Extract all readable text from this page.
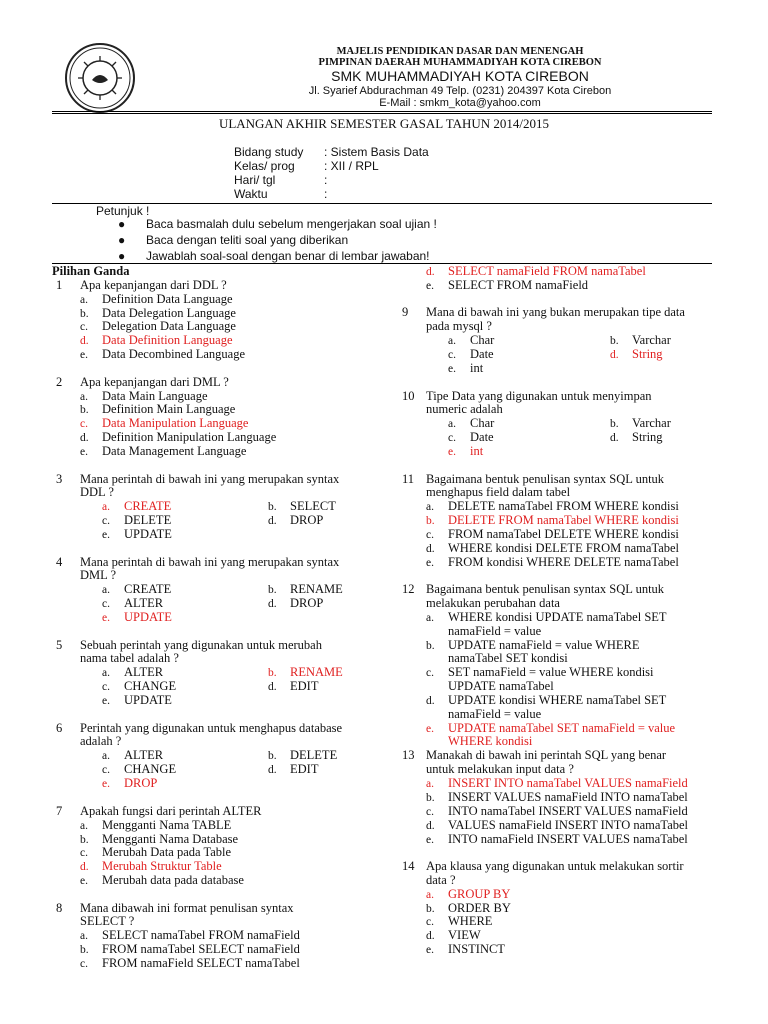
MAJELIS PENDIDIKAN DASAR DAN MENENGAH
PIMPINAN DAERAH MUHAMMADIYAH KOTA CIREBON
SMK MUHAMMADIYAH KOTA CIREBON
Jl. Syarief Abdurachman 49 Telp. (0231) 204397 Kota Cirebon
E-Mail : smkm_kota@yahoo.com
ULANGAN AKHIR SEMESTER GASAL TAHUN 2014/2015
Bidang study : Sistem Basis Data
Kelas/ prog : XII / RPL
Hari/ tgl	:
Waktu	:
Petunjuk !
● Baca basmalah dulu sebelum mengerjakan soal ujian !
● Baca dengan teliti soal yang diberikan
● Jawablah soal-soal dengan benar di lembar jawaban!
Pilihan Ganda
1 Apa kepanjangan dari DDL ?
a. Definition Data Language
b. Data Delegation Language
c. Delegation Data Language
d. Data Definition Language
e. Data Decombined Language
2 Apa kepanjangan dari DML ?
a. Data Main Language
b. Definition Main Language
c. Data Manipulation Language
d. Definition Manipulation Language
e. Data Management Language
3 Mana perintah di bawah ini yang merupakan syntax
DDL ?
a. CREATE	b. SELECT
c. DELETE	d. DROP
e. UPDATE
4 Mana perintah di bawah ini yang merupakan syntax
DML ?
a. CREATE	b. RENAME
c. ALTER	d. DROP
e. UPDATE
5 Sebuah perintah yang digunakan untuk merubah
nama tabel adalah ?
a. ALTER	b. RENAME
c. CHANGE	d. EDIT
e. UPDATE
6 Perintah yang digunakan untuk menghapus database
adalah ?
a. ALTER	b. DELETE
c. CHANGE	d. EDIT
e. DROP
7 Apakah fungsi dari perintah ALTER
a. Mengganti Nama TABLE
b. Mengganti Nama Database
c. Merubah Data pada Table
d. Merubah Struktur Table
e. Merubah data pada database
8 Mana dibawah ini format penulisan syntax
SELECT ?
a. SELECT namaTabel FROM namaField
b. FROM namaTabel SELECT namaField
c. FROM namaField SELECT namaTabel
d. SELECT namaField FROM namaTabel
e. SELECT FROM namaField
9 Mana di bawah ini yang bukan merupakan tipe data
pada mysql ?
a. Char	b. Varchar
c. Date	d. String
e. int
10 Tipe Data yang digunakan untuk menyimpan
numeric adalah
a. Char	b. Varchar
c. Date	d. String
e. int
11 Bagaimana bentuk penulisan syntax SQL untuk
menghapus field dalam tabel
a. DELETE namaTabel FROM WHERE kondisi
b. DELETE FROM namaTabel WHERE kondisi
c. FROM namaTabel DELETE WHERE kondisi
d. WHERE kondisi DELETE FROM namaTabel
e. FROM kondisi WHERE DELETE namaTabel
12 Bagaimana bentuk penulisan syntax SQL untuk
melakukan perubahan data
a. WHERE kondisi UPDATE namaTabel SET
namaField = value
b. UPDATE namaField = value WHERE
namaTabel SET kondisi
c. SET namaField = value WHERE kondisi
UPDATE namaTabel
d. UPDATE kondisi WHERE namaTabel SET
namaField = value
e. UPDATE namaTabel SET namaField = value
WHERE kondisi
13 Manakah di bawah ini perintah SQL yang benar
untuk melakukan input data ?
a. INSERT INTO namaTabel VALUES namaField
b. INSERT VALUES namaField INTO namaTabel
c. INTO namaTabel INSERT VALUES namaField
d. VALUES namaField INSERT INTO namaTabel
e. INTO namaField INSERT VALUES namaTabel
14 Apa klausa yang digunakan untuk melakukan sortir
data ?
a. GROUP BY
b. ORDER BY
c. WHERE
d. VIEW
e. INSTINCT
